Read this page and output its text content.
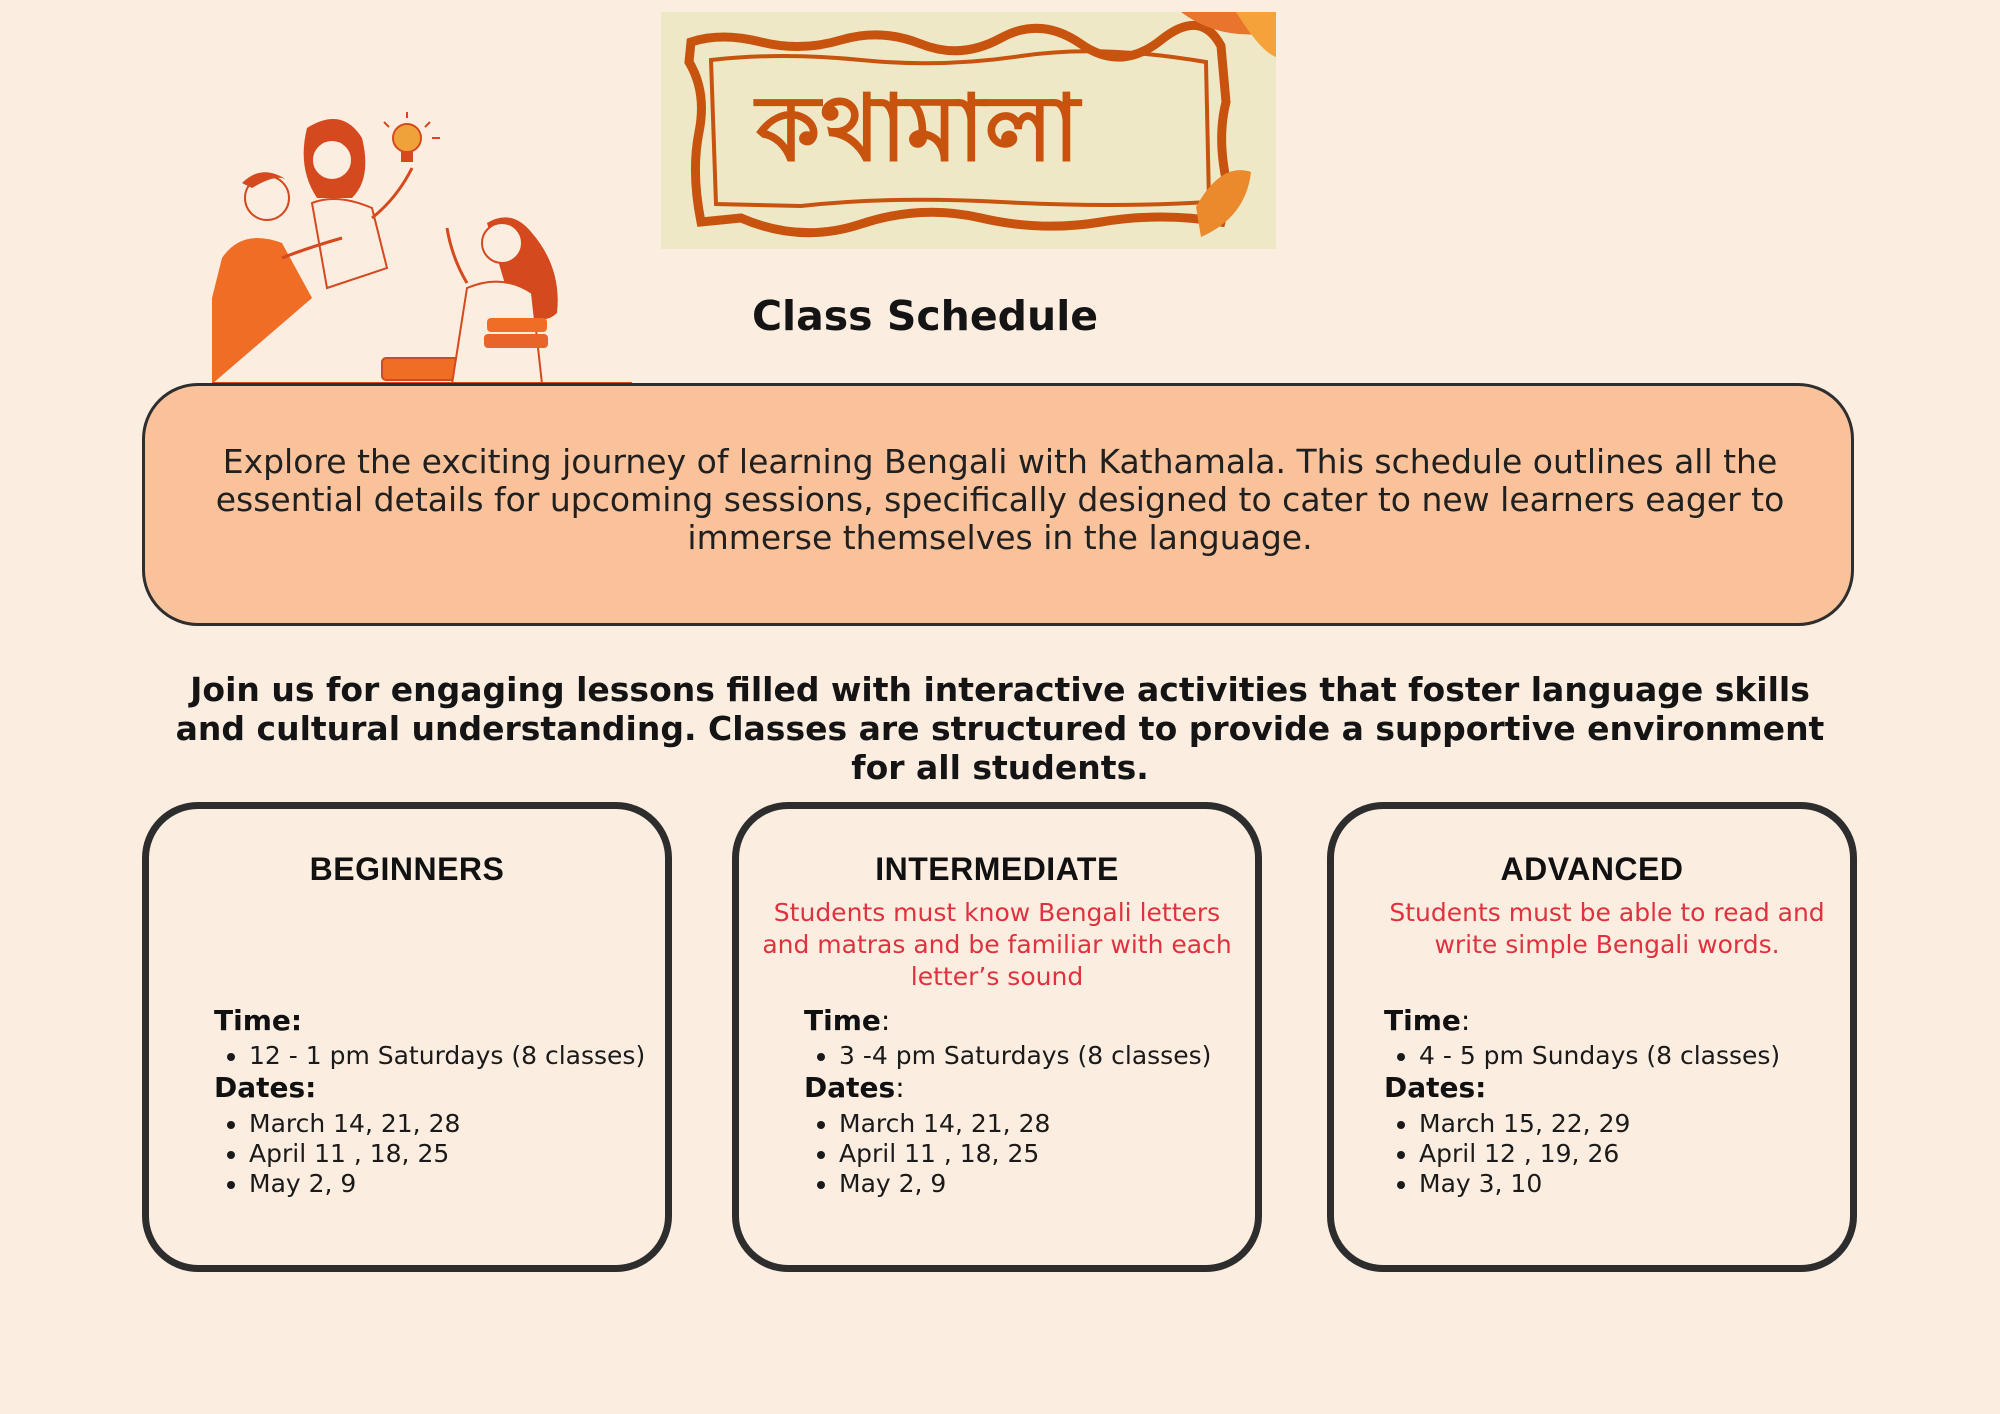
কথামালা
Class Schedule
Explore the exciting journey of learning Bengali with Kathamala. This schedule outlines all the essential details for upcoming sessions, specifically designed to cater to new learners eager to immerse themselves in the language.
Join us for engaging lessons filled with interactive activities that foster language skills and cultural understanding. Classes are structured to provide a supportive environment for all students.
BEGINNERS
Time:
• 12 - 1 pm Saturdays (8 classes)
Dates:
• March 14, 21, 28
• April 11 , 18, 25
• May 2, 9
INTERMEDIATE
Students must know Bengali letters and matras and be familiar with each letter’s sound
Time:
• 3 -4 pm Saturdays (8 classes)
Dates:
• March 14, 21, 28
• April 11 , 18, 25
• May 2, 9
ADVANCED
Students must be able to read and write simple Bengali words.
Time:
• 4 - 5 pm Sundays (8 classes)
Dates:
• March 15, 22, 29
• April 12 , 19, 26
• May 3, 10
